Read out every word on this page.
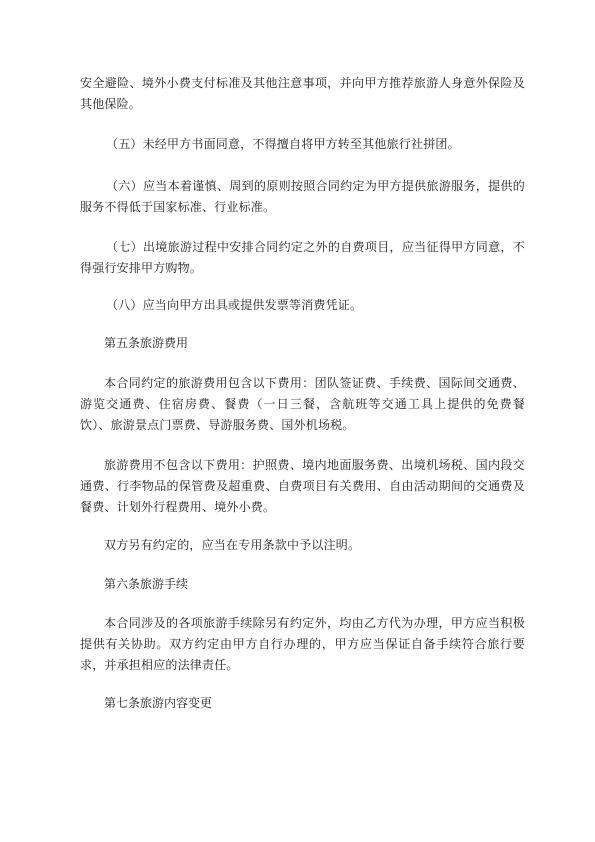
安全避险、境外小费支付标准及其他注意事项，并向甲方推荐旅游人身意外保险及其他保险。

（五）未经甲方书面同意，不得擅自将甲方转至其他旅行社拼团。

（六）应当本着谨慎、周到的原则按照合同约定为甲方提供旅游服务，提供的服务不得低于国家标准、行业标准。

（七）出境旅游过程中安排合同约定之外的自费项目，应当征得甲方同意，不得强行安排甲方购物。

（八）应当向甲方出具或提供发票等消费凭证。

第五条旅游费用

本合同约定的旅游费用包含以下费用：团队签证费、手续费、国际间交通费、游览交通费、住宿房费、餐费（一日三餐，含航班等交通工具上提供的免费餐饮）、旅游景点门票费、导游服务费、国外机场税。

旅游费用不包含以下费用：护照费、境内地面服务费、出境机场税、国内段交通费、行李物品的保管费及超重费、自费项目有关费用、自由活动期间的交通费及餐费、计划外行程费用、境外小费。

双方另有约定的，应当在专用条款中予以注明。

第六条旅游手续

本合同涉及的各项旅游手续除另有约定外，均由乙方代为办理，甲方应当积极提供有关协助。双方约定由甲方自行办理的，甲方应当保证自备手续符合旅行要求，并承担相应的法律责任。

第七条旅游内容变更
